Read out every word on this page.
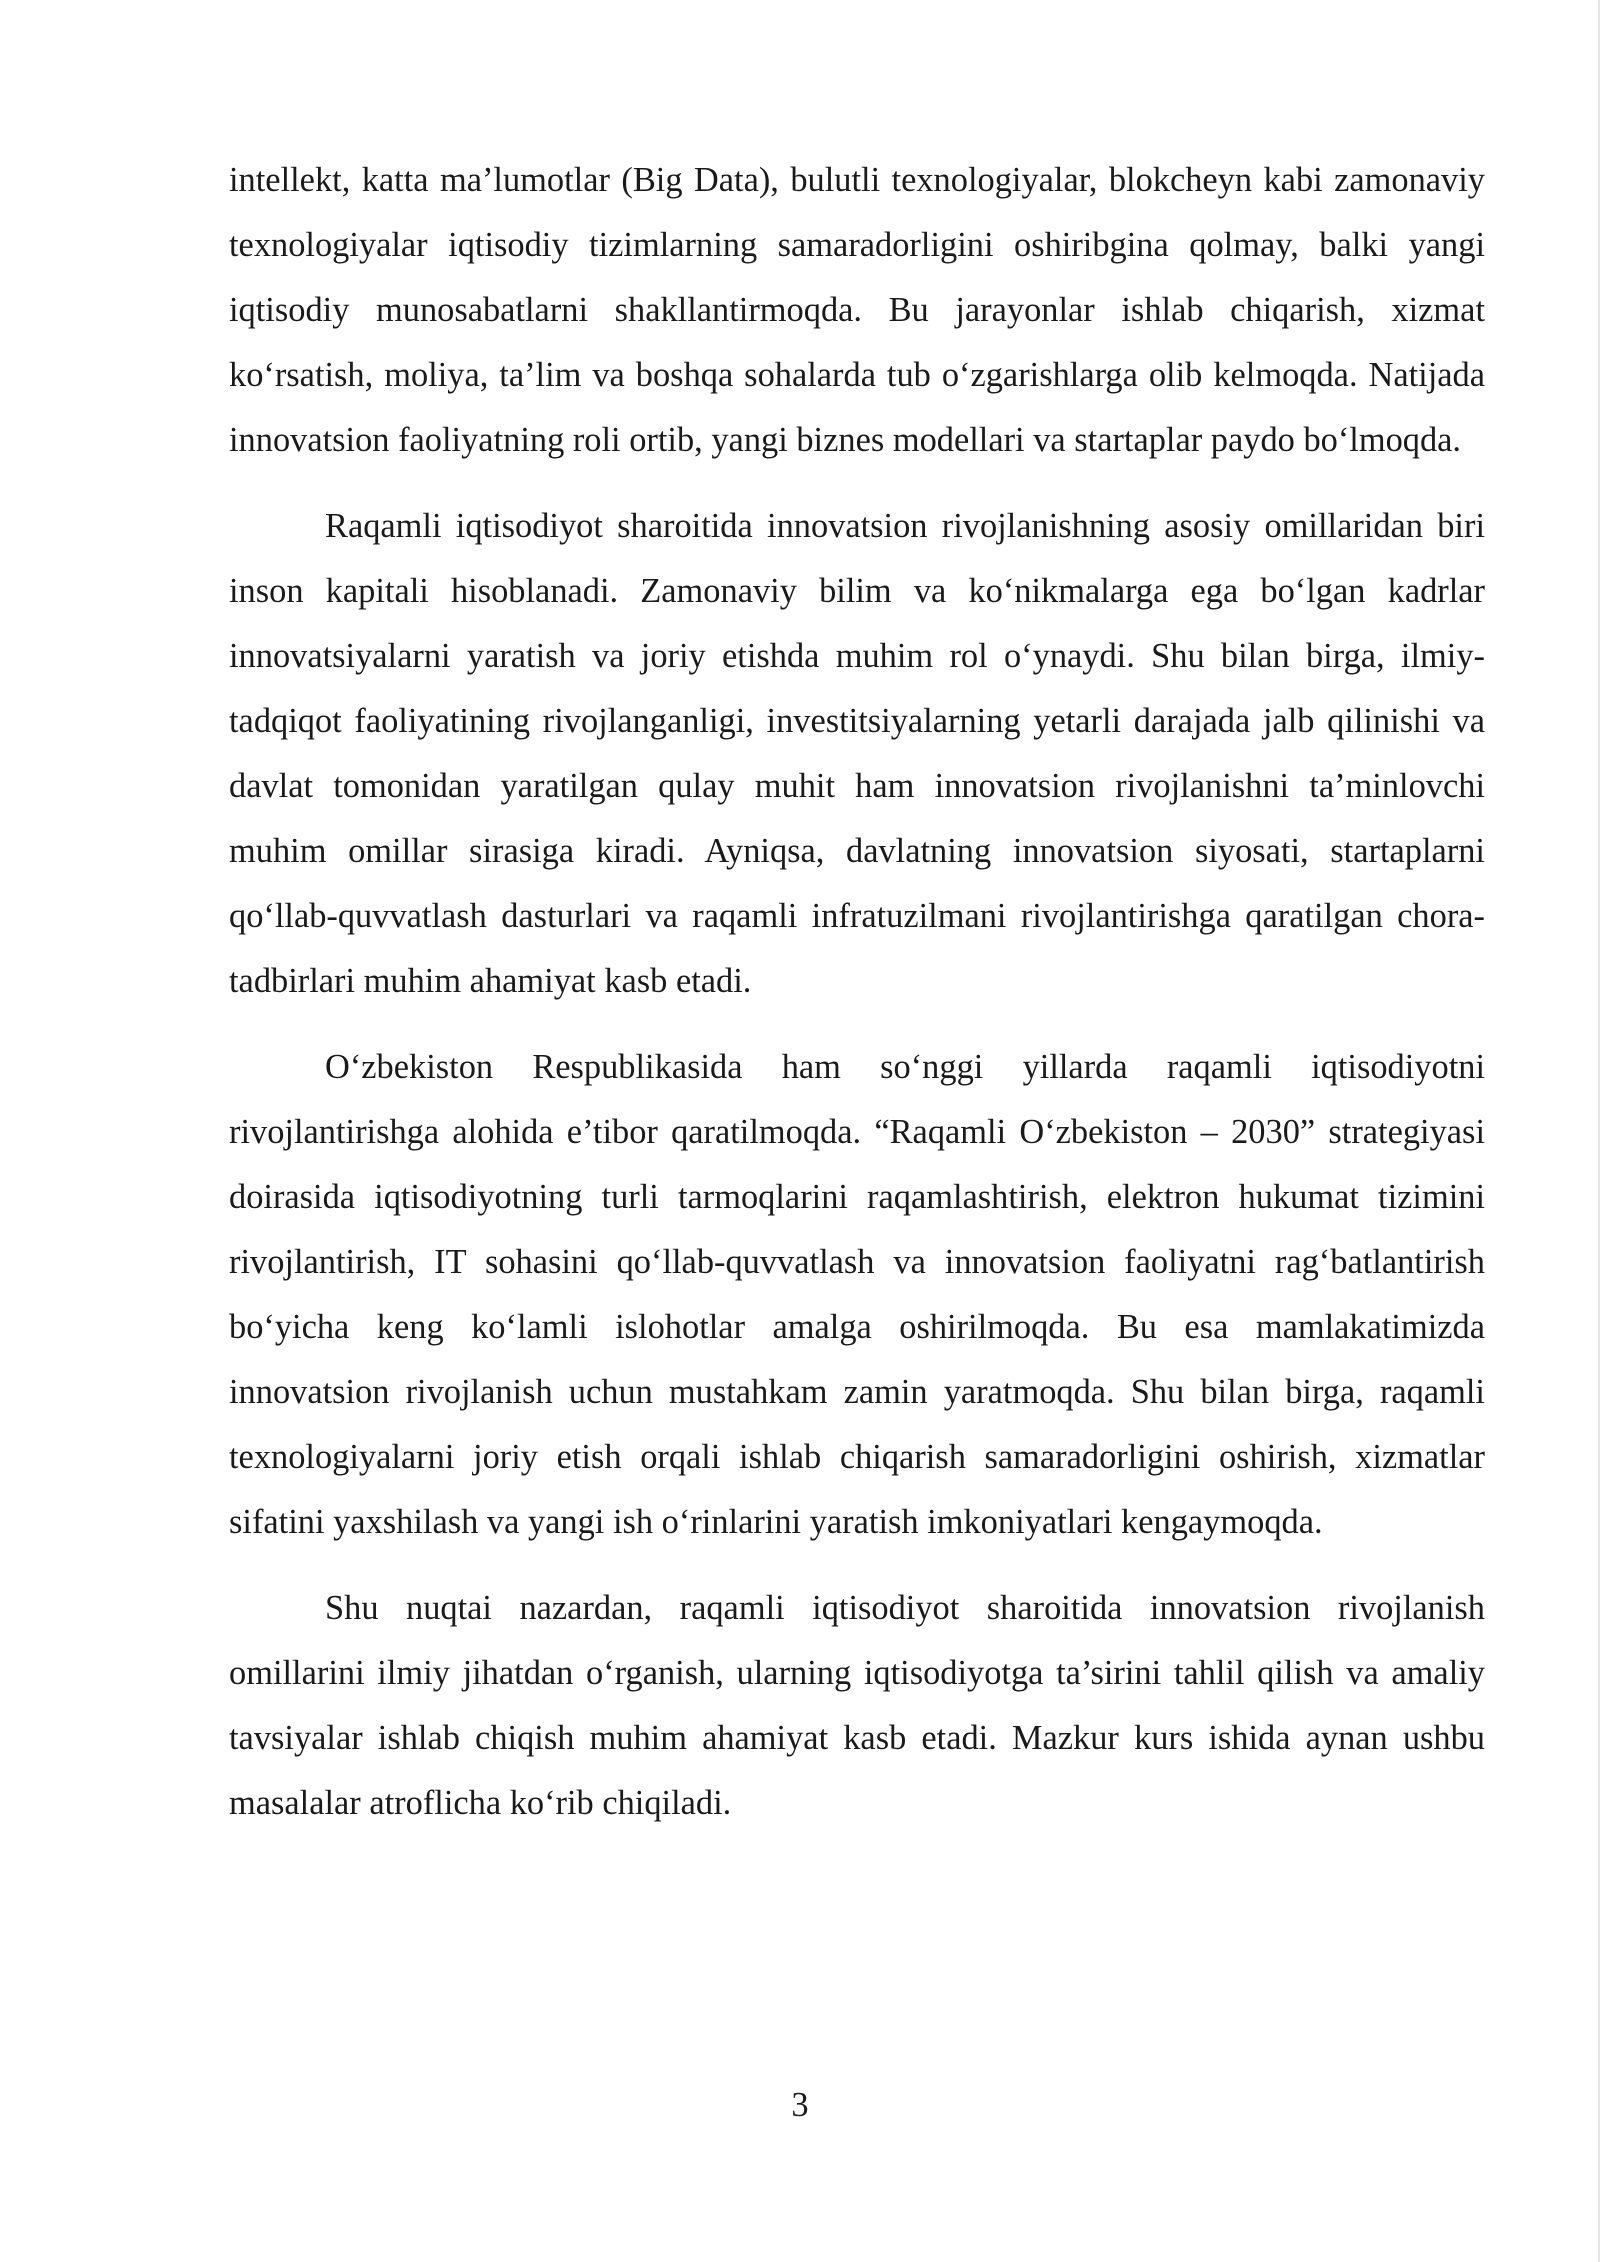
intellekt, katta ma’lumotlar (Big Data), bulutli texnologiyalar, blokcheyn kabi zamonaviy texnologiyalar iqtisodiy tizimlarning samaradorligini oshiribgina qolmay, balki yangi iqtisodiy munosabatlarni shakllantirmoqda. Bu jarayonlar ishlab chiqarish, xizmat ko‘rsatish, moliya, ta’lim va boshqa sohalarda tub o‘zgarishlarga olib kelmoqda. Natijada innovatsion faoliyatning roli ortib, yangi biznes modellari va startaplar paydo bo‘lmoqda.

Raqamli iqtisodiyot sharoitida innovatsion rivojlanishning asosiy omillaridan biri inson kapitali hisoblanadi. Zamonaviy bilim va ko‘nikmalarga ega bo‘lgan kadrlar innovatsiyalarni yaratish va joriy etishda muhim rol o‘ynaydi. Shu bilan birga, ilmiy-tadqiqot faoliyatining rivojlanganligi, investitsiyalarning yetarli darajada jalb qilinishi va davlat tomonidan yaratilgan qulay muhit ham innovatsion rivojlanishni ta’minlovchi muhim omillar sirasiga kiradi. Ayniqsa, davlatning innovatsion siyosati, startaplarni qo‘llab-quvvatlash dasturlari va raqamli infratuzilmani rivojlantirishga qaratilgan chora-tadbirlari muhim ahamiyat kasb etadi.

O‘zbekiston Respublikasida ham so‘nggi yillarda raqamli iqtisodiyotni rivojlantirishga alohida e’tibor qaratilmoqda. “Raqamli O‘zbekiston – 2030” strategiyasi doirasida iqtisodiyotning turli tarmoqlarini raqamlashtirish, elektron hukumat tizimini rivojlantirish, IT sohasini qo‘llab-quvvatlash va innovatsion faoliyatni rag‘batlantirish bo‘yicha keng ko‘lamli islohotlar amalga oshirilmoqda. Bu esa mamlakatimizda innovatsion rivojlanish uchun mustahkam zamin yaratmoqda. Shu bilan birga, raqamli texnologiyalarni joriy etish orqali ishlab chiqarish samaradorligini oshirish, xizmatlar sifatini yaxshilash va yangi ish o‘rinlarini yaratish imkoniyatlari kengaymoqda.

Shu nuqtai nazardan, raqamli iqtisodiyot sharoitida innovatsion rivojlanish omillarini ilmiy jihatdan o‘rganish, ularning iqtisodiyotga ta’sirini tahlil qilish va amaliy tavsiyalar ishlab chiqish muhim ahamiyat kasb etadi. Mazkur kurs ishida aynan ushbu masalalar atroflicha ko‘rib chiqiladi.

3
